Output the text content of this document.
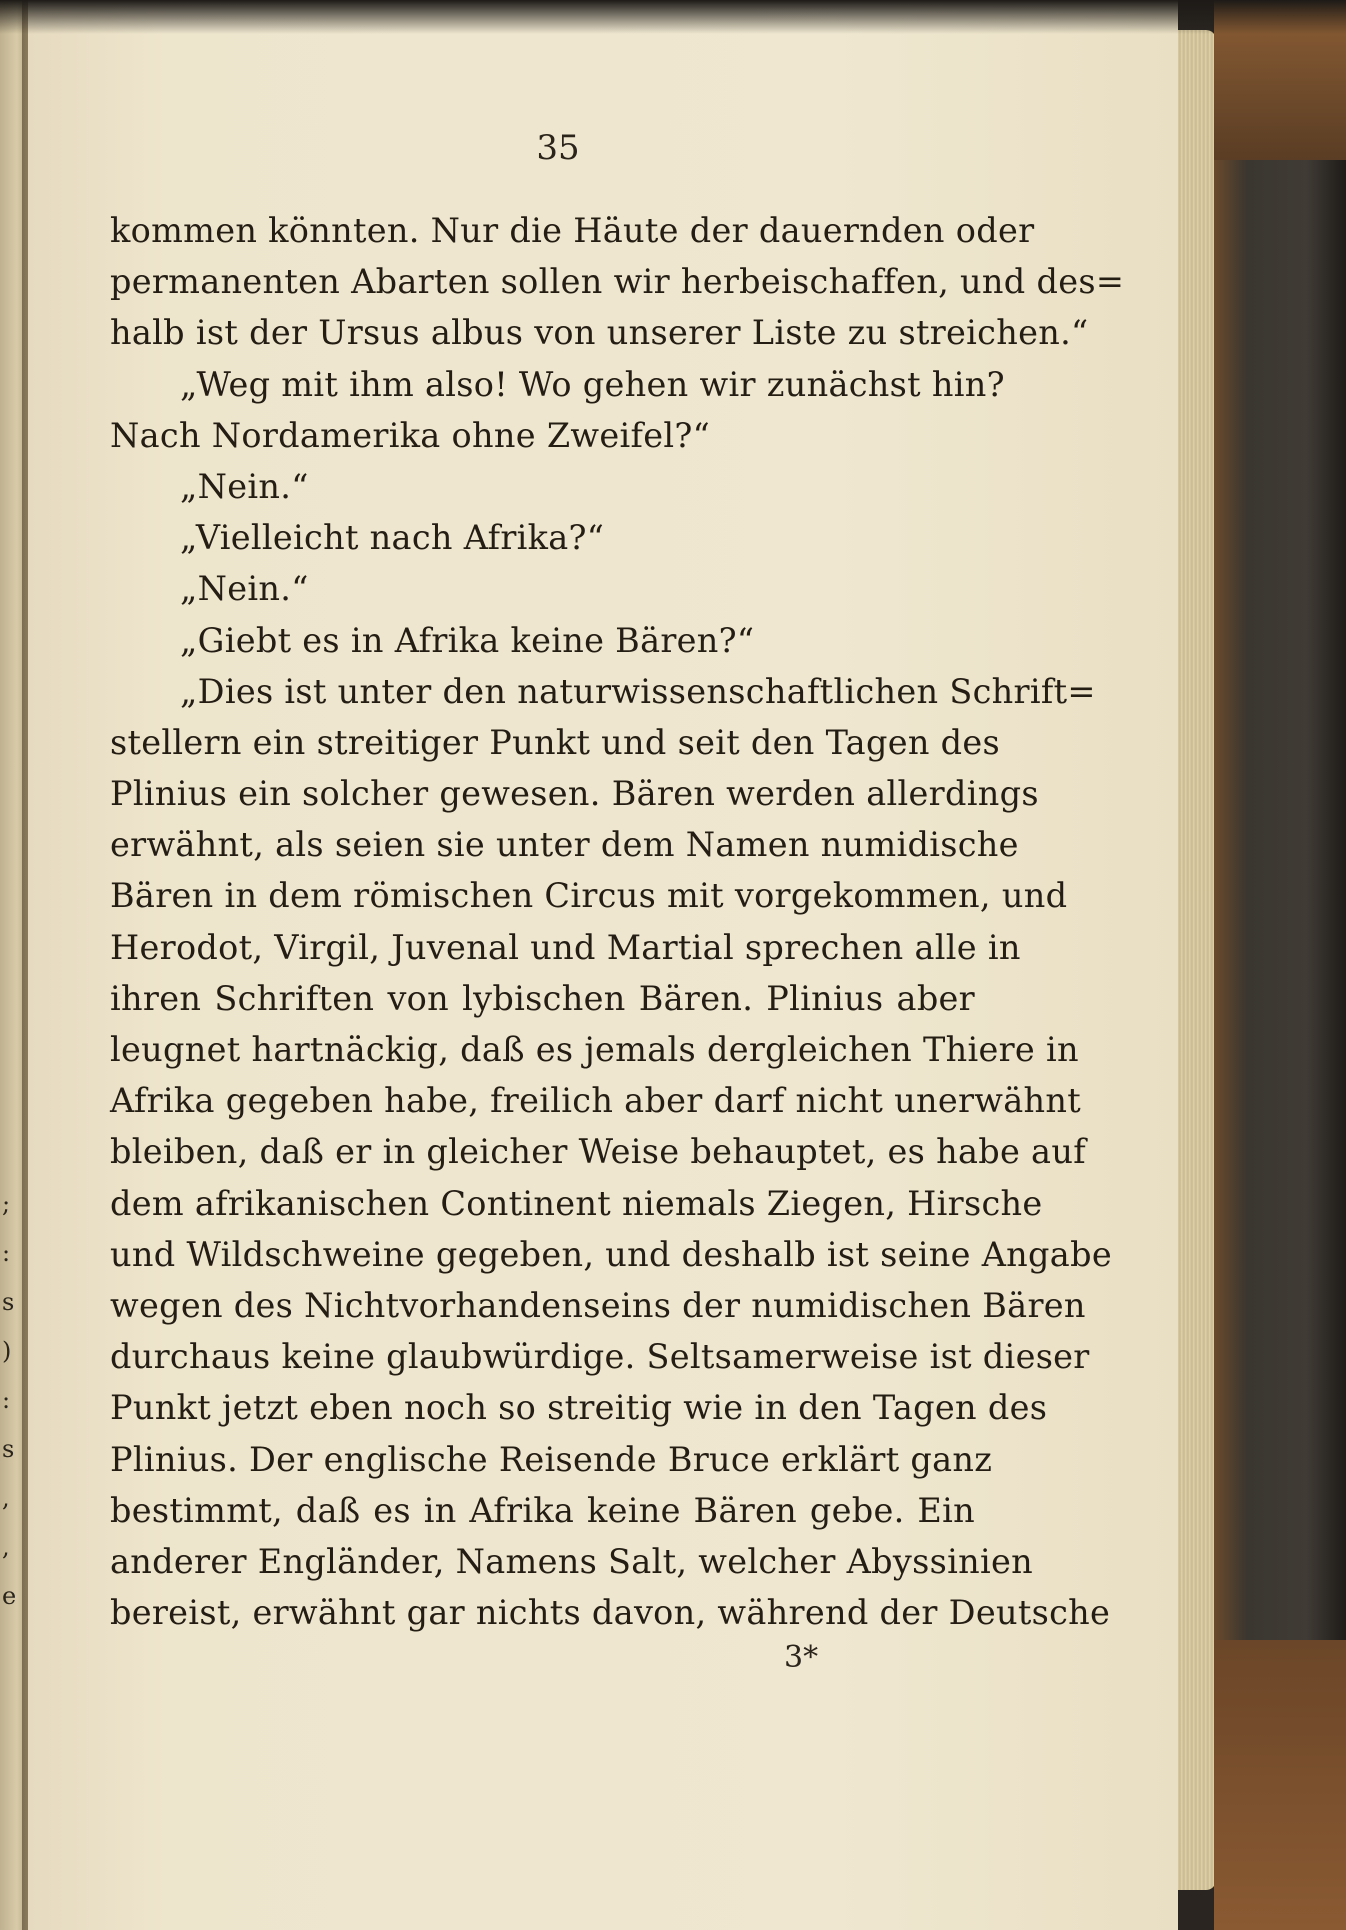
;
:
s
)
:
s
,
,
e
35
kommen könnten. Nur die Häute der dauernden oder
permanenten Abarten sollen wir herbeischaffen, und des=
halb ist der Ursus albus von unserer Liste zu streichen.“
„Weg mit ihm also! Wo gehen wir zunächst hin?
Nach Nordamerika ohne Zweifel?“
„Nein.“
„Vielleicht nach Afrika?“
„Nein.“
„Giebt es in Afrika keine Bären?“
„Dies ist unter den naturwissenschaftlichen Schrift=
stellern ein streitiger Punkt und seit den Tagen des
Plinius ein solcher gewesen. Bären werden allerdings
erwähnt, als seien sie unter dem Namen numidische
Bären in dem römischen Circus mit vorgekommen, und
Herodot, Virgil, Juvenal und Martial sprechen alle in
ihren Schriften von lybischen Bären. Plinius aber
leugnet hartnäckig, daß es jemals dergleichen Thiere in
Afrika gegeben habe, freilich aber darf nicht unerwähnt
bleiben, daß er in gleicher Weise behauptet, es habe auf
dem afrikanischen Continent niemals Ziegen, Hirsche
und Wildschweine gegeben, und deshalb ist seine Angabe
wegen des Nichtvorhandenseins der numidischen Bären
durchaus keine glaubwürdige. Seltsamerweise ist dieser
Punkt jetzt eben noch so streitig wie in den Tagen des
Plinius. Der englische Reisende Bruce erklärt ganz
bestimmt, daß es in Afrika keine Bären gebe. Ein
anderer Engländer, Namens Salt, welcher Abyssinien
bereist, erwähnt gar nichts davon, während der Deutsche
3*
